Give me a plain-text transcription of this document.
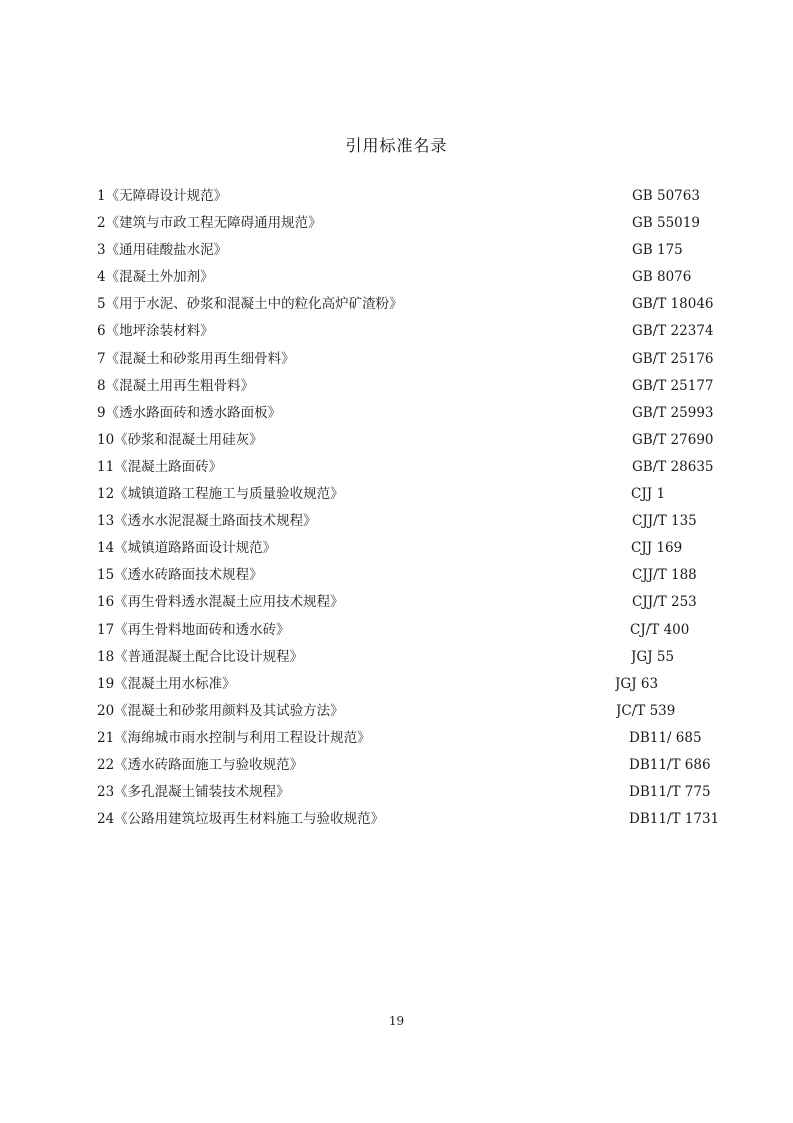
引用标准名录
1《无障碍设计规范》	GB 50763
2《建筑与市政工程无障碍通用规范》	GB 55019
3《通用硅酸盐水泥》	GB 175
4《混凝土外加剂》	GB 8076
5《用于水泥、砂浆和混凝土中的粒化高炉矿渣粉》	GB/T 18046
6《地坪涂装材料》	GB/T 22374
7《混凝土和砂浆用再生细骨料》	GB/T 25176
8《混凝土用再生粗骨料》	GB/T 25177
9《透水路面砖和透水路面板》	GB/T 25993
10《砂浆和混凝土用硅灰》	GB/T 27690
11《混凝土路面砖》	GB/T 28635
12《城镇道路工程施工与质量验收规范》	CJJ 1
13《透水水泥混凝土路面技术规程》	CJJ/T 135
14《城镇道路路面设计规范》	CJJ 169
15《透水砖路面技术规程》	CJJ/T 188
16《再生骨料透水混凝土应用技术规程》	CJJ/T 253
17《再生骨料地面砖和透水砖》	CJ/T 400
18《普通混凝土配合比设计规程》	JGJ 55
19《混凝土用水标准》	JGJ 63
20《混凝土和砂浆用颜料及其试验方法》	JC/T 539
21《海绵城市雨水控制与利用工程设计规范》	DB11/ 685
22《透水砖路面施工与验收规范》	DB11/T 686
23《多孔混凝土铺装技术规程》	DB11/T 775
24《公路用建筑垃圾再生材料施工与验收规范》	DB11/T 1731
19
